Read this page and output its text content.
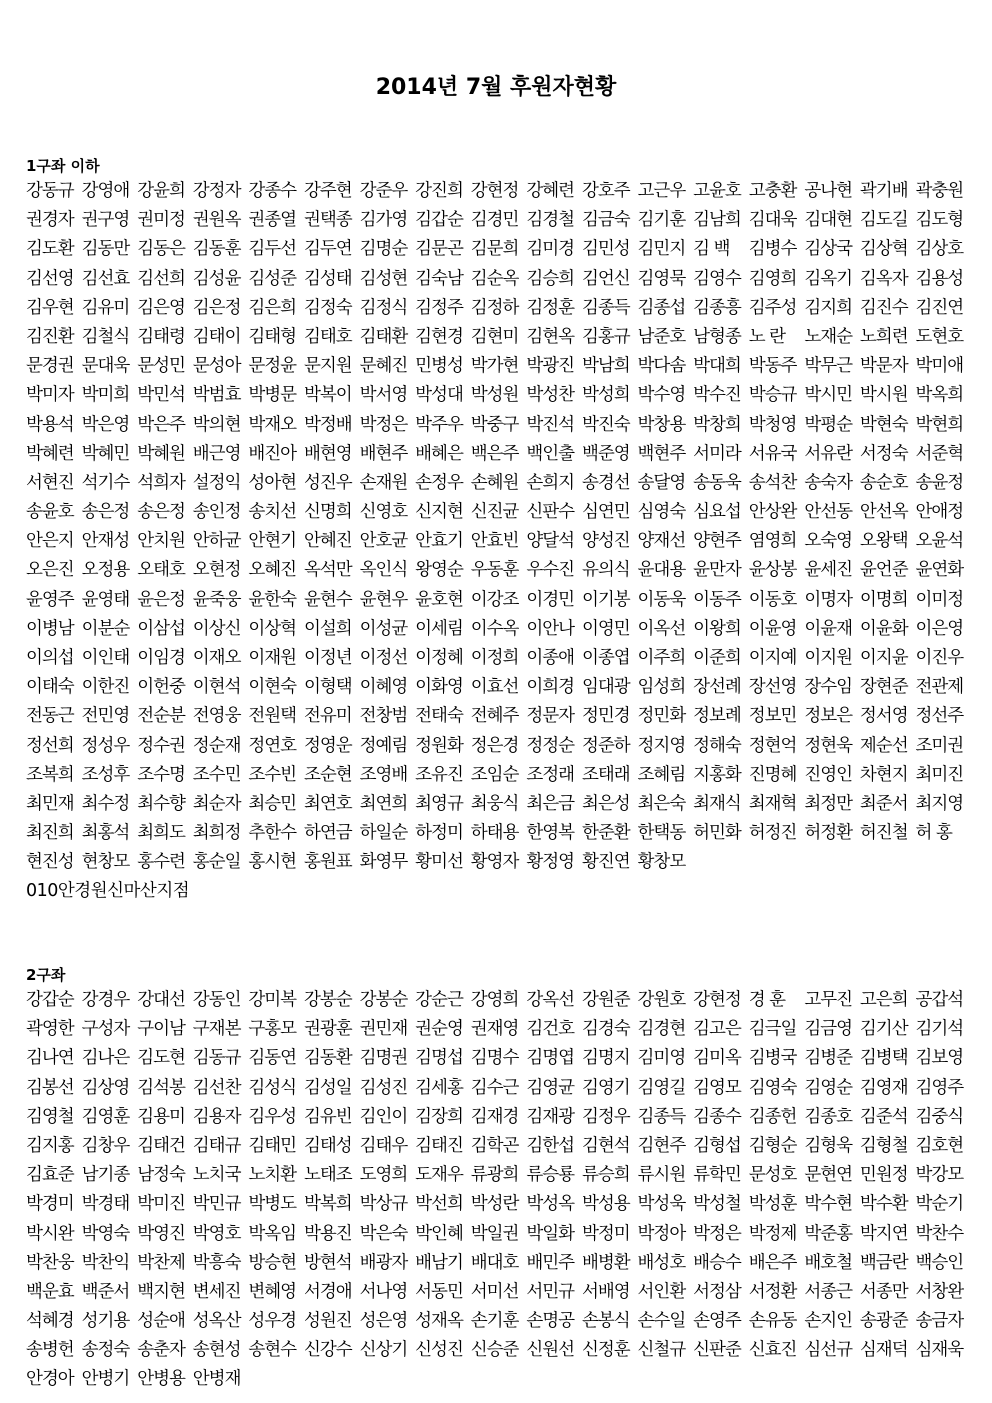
2014년 7월 후원자현황
1구좌 이하
강동규 강영애 강윤희 강정자 강종수 강주현 강준우 강진희 강현정 강혜련 강호주 고근우 고윤호 고충환 공나현 곽기배 곽충원
권경자 권구영 권미정 권원옥 권종열 권택종 김가영 김갑순 김경민 김경철 김금숙 김기훈 김남희 김대욱 김대현 김도길 김도형
김도환 김동만 김동은 김동훈 김두선 김두연 김명순 김문곤 김문희 김미경 김민성 김민지 김 백	김병수 김상국 김상혁 김상호
김선영 김선효 김선희 김성윤 김성준 김성태 김성현 김숙남 김순옥 김승희 김언신 김영묵 김영수 김영희 김옥기 김옥자 김용성
김우현 김유미 김은영 김은정 김은희 김정숙 김정식 김정주 김정하 김정훈 김종득 김종섭 김종흥 김주성 김지희 김진수 김진연
김진환 김철식 김태령 김태이 김태형 김태호 김태환 김현경 김현미 김현옥 김홍규 남준호 남형종 노 란	노재순 노희련 도현호
문경권 문대욱 문성민 문성아 문정윤 문지원 문혜진 민병성 박가현 박광진 박남희 박다솜 박대희 박동주 박무근 박문자 박미애
박미자 박미희 박민석 박범효 박병문 박복이 박서영 박성대 박성원 박성찬 박성희 박수영 박수진 박승규 박시민 박시원 박옥희
박용석 박은영 박은주 박의현 박재오 박정배 박정은 박주우 박중구 박진석 박진숙 박창용 박창희 박청영 박평순 박현숙 박현희
박혜련 박혜민 박혜원 배근영 배진아 배현영 배현주 배혜은 백은주 백인출 백준영 백현주 서미라 서유국 서유란 서정숙 서준혁
서현진 석기수 석희자 설정익 성아현 성진우 손재원 손정우 손혜원 손희지 송경선 송달영 송동욱 송석찬 송숙자 송순호 송윤정
송윤호 송은정 송은정 송인정 송치선 신명희 신영호 신지현 신진균 신판수 심연민 심영숙 심요섭 안상완 안선동 안선옥 안애정
안은지 안재성 안치원 안하균 안현기 안혜진 안호균 안효기 안효빈 양달석 양성진 양재선 양현주 염영희 오숙영 오왕택 오윤석
오은진 오정용 오태호 오현정 오혜진 옥석만 옥인식 왕영순 우동훈 우수진 유의식 윤대용 윤만자 윤상봉 윤세진 윤언준 윤연화
윤영주 윤영태 윤은정 윤죽웅 윤한숙 윤현수 윤현우 윤호현 이강조 이경민 이기봉 이동욱 이동주 이동호 이명자 이명희 이미정
이병남 이분순 이삼섭 이상신 이상혁 이설희 이성균 이세림 이수옥 이안나 이영민 이옥선 이왕희 이윤영 이윤재 이윤화 이은영
이의섭 이인태 이임경 이재오 이재원 이정년 이정선 이정혜 이정희 이종애 이종엽 이주희 이준희 이지예 이지원 이지윤 이진우
이태숙 이한진 이헌중 이현석 이현숙 이형택 이혜영 이화영 이효선 이희경 임대광 임성희 장선례 장선영 장수임 장현준 전관제
전동근 전민영 전순분 전영웅 전원택 전유미 전창범 전태숙 전혜주 정문자 정민경 정민화 정보례 정보민 정보은 정서영 정선주
정선희 정성우 정수권 정순재 정연호 정영운 정예림 정원화 정은경 정정순 정준하 정지영 정해숙 정현억 정현욱 제순선 조미권
조복희 조성후 조수명 조수민 조수빈 조순현 조영배 조유진 조임순 조정래 조태래 조혜림 지홍화 진명혜 진영인 차현지 최미진
최민재 최수정 최수향 최순자 최승민 최연호 최연희 최영규 최웅식 최은금 최은성 최은숙 최재식 최재혁 최정만 최준서 최지영
최진희 최홍석 최희도 최희정 추한수 하연금 하일순 하정미 하태용 한영복 한준환 한택동 허민화 허정진 허정환 허진철 허 홍
현진성 현창모 홍수련 홍순일 홍시현 홍원표 화영무 황미선 황영자 황정영 황진연 황창모
010안경원신마산지점
2구좌
강갑순 강경우 강대선 강동인 강미복 강봉순 강봉순 강순근 강영희 강옥선 강원준 강원호 강현정 경 훈	고무진 고은희 공갑석
곽영한 구성자 구이남 구재본 구홍모 권광훈 권민재 권순영 권재영 김건호 김경숙 김경현 김고은 김극일 김금영 김기산 김기석
김나연 김나은 김도현 김동규 김동연 김동환 김명권 김명섭 김명수 김명엽 김명지 김미영 김미옥 김병국 김병준 김병택 김보영
김봉선 김상영 김석봉 김선찬 김성식 김성일 김성진 김세홍 김수근 김영균 김영기 김영길 김영모 김영숙 김영순 김영재 김영주
김영철 김영훈 김용미 김용자 김우성 김유빈 김인이 김장희 김재경 김재광 김정우 김종득 김종수 김종헌 김종호 김준석 김중식
김지홍 김창우 김태건 김태규 김태민 김태성 김태우 김태진 김학곤 김한섭 김현석 김현주 김형섭 김형순 김형욱 김형철 김호현
김효준 남기종 남정숙 노치국 노치환 노태조 도영희 도재우 류광희 류승룡 류승희 류시원 류학민 문성호 문현연 민원정 박강모
박경미 박경태 박미진 박민규 박병도 박복희 박상규 박선희 박성란 박성옥 박성용 박성욱 박성철 박성훈 박수현 박수환 박순기
박시완 박영숙 박영진 박영호 박옥임 박용진 박은숙 박인혜 박일권 박일화 박정미 박정아 박정은 박정제 박준홍 박지연 박찬수
박찬웅 박찬익 박찬제 박흥숙 방승현 방현석 배광자 배남기 배대호 배민주 배병환 배성호 배승수 배은주 배호철 백금란 백승인
백운효 백준서 백지현 변세진 변혜영 서경애 서나영 서동민 서미선 서민규 서배영 서인환 서정삼 서정환 서종근 서종만 서창완
석혜경 성기용 성순애 성옥산 성우경 성원진 성은영 성재옥 손기훈 손명공 손봉식 손수일 손영주 손유동 손지인 송광준 송금자
송병헌 송정숙 송춘자 송현성 송현수 신강수 신상기 신성진 신승준 신원선 신정훈 신철규 신판준 신효진 심선규 심재덕 심재욱
안경아 안병기 안병용 안병재
